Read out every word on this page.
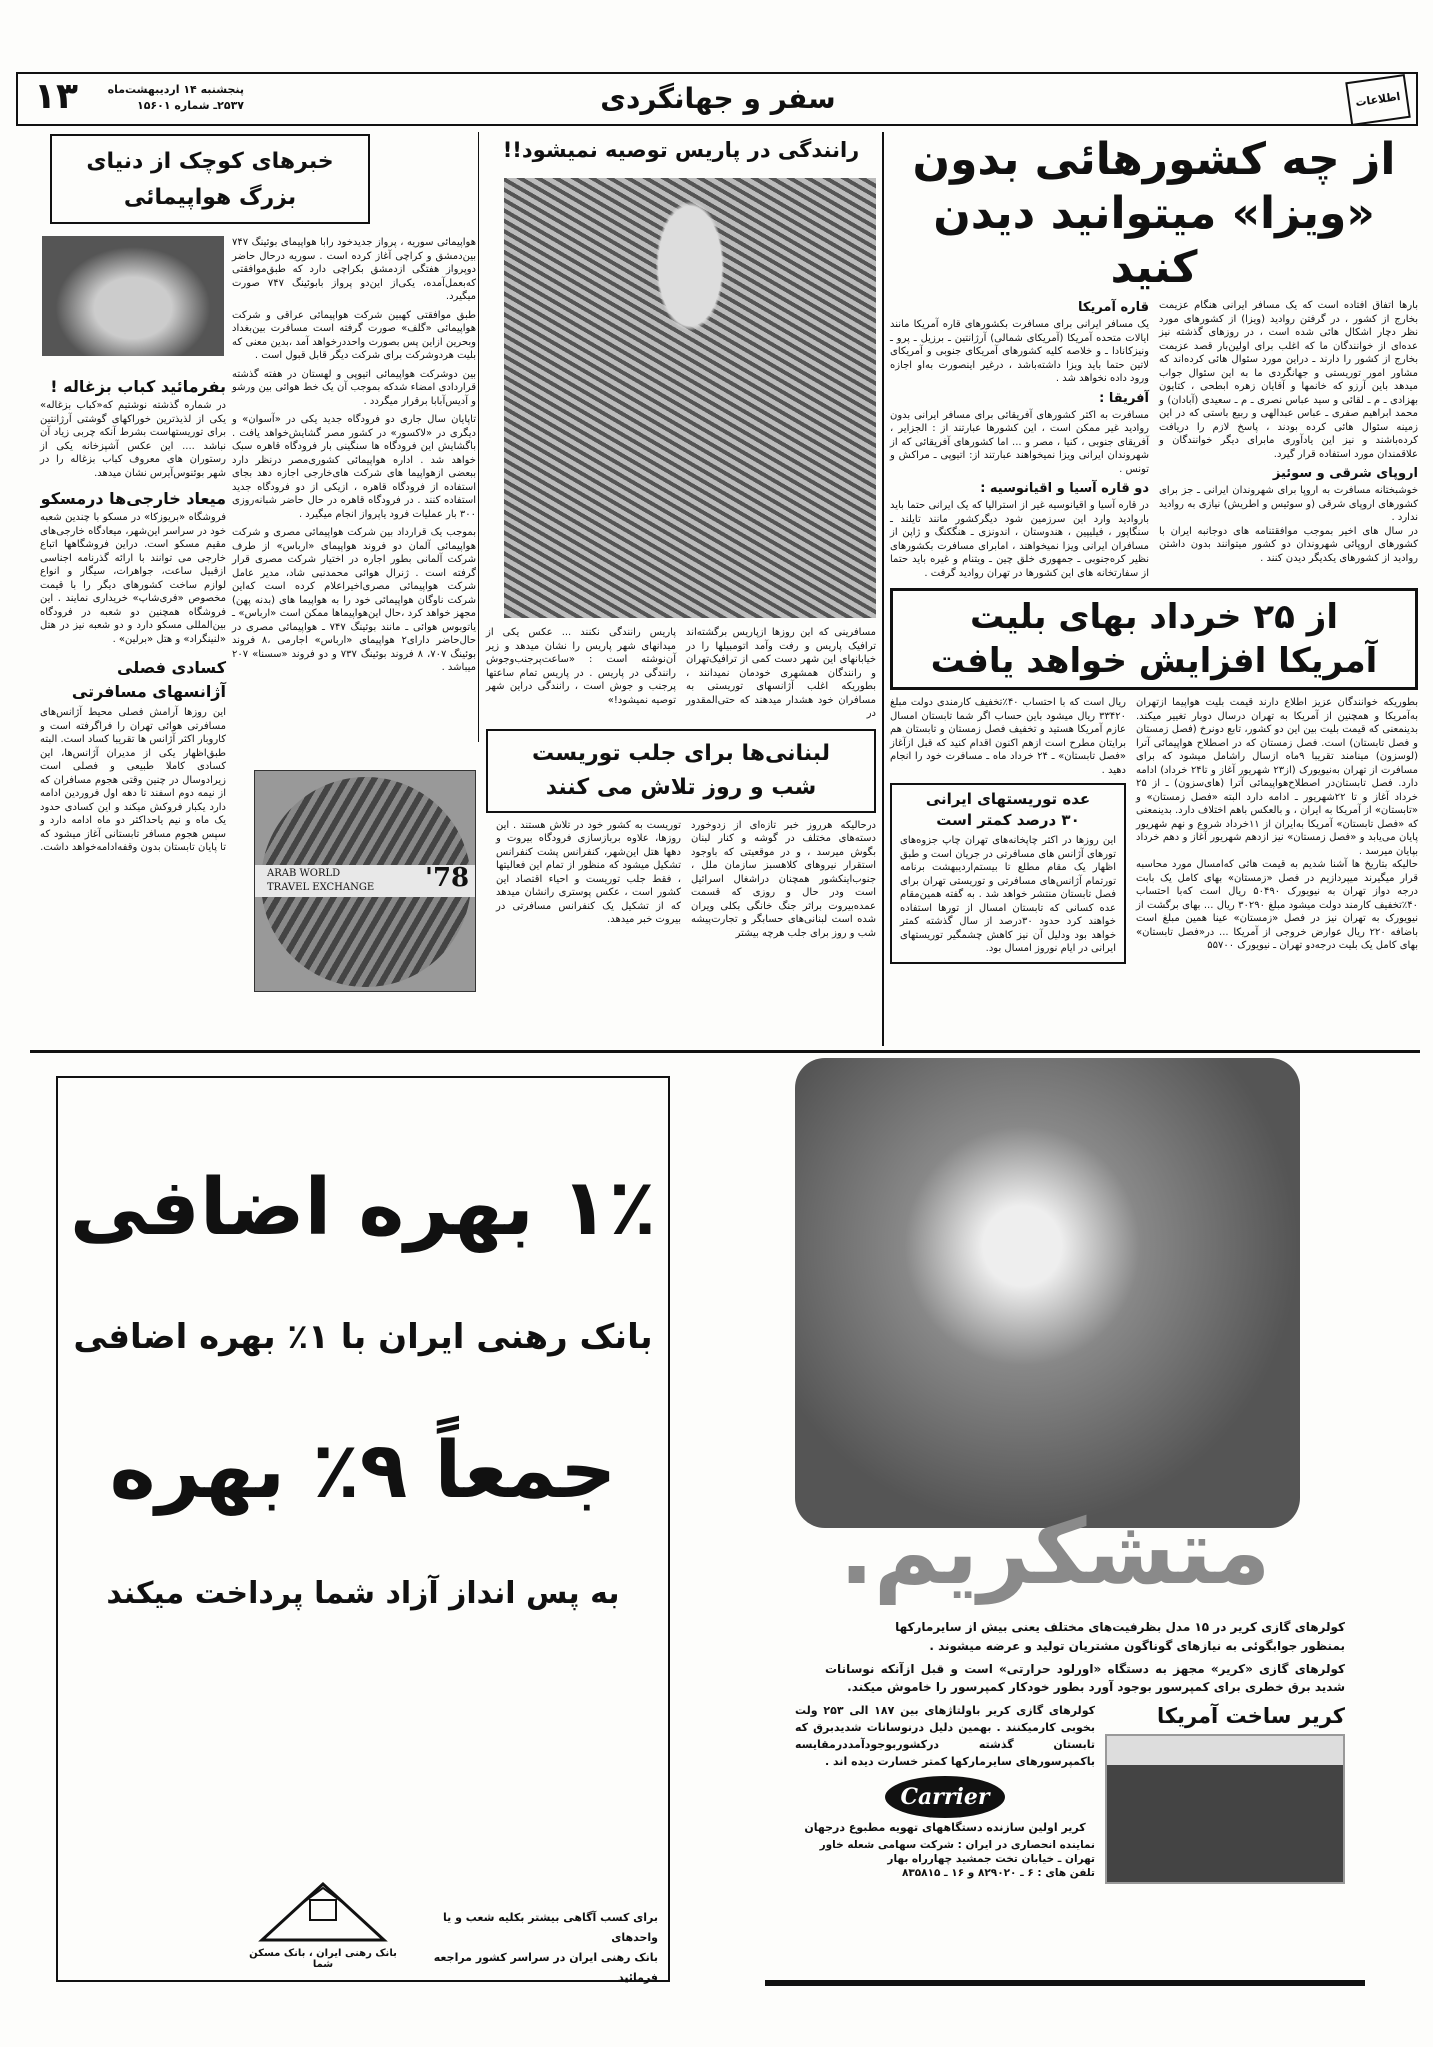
۱۳	پنجشنبه ۱۴ اردیبهشت‌ماه
۲۵۳۷ـ شماره ۱۵۶۰۱	سفر و جهانگردی	اطلاعات
از چه کشورهائی بدون
«ویزا» میتوانید دیدن کنید

بارها اتفاق افتاده است که یک مسافر ایرانی هنگام عزیمت بخارج از کشور ، در گرفتن روادید (ویزا) از کشورهای مورد نظر دچار اشکال هائی شده است ، در روزهای گذشته نیز عده‌ای از خوانندگان ما که اغلب برای اولین‌بار قصد عزیمت بخارج از کشور را دارند ـ دراین مورد سئوال هائی کرده‌اند که مشاور امور توریستی و جهانگردی ما به این سئوال جواب میدهد باین آرزو که خانمها و آقایان زهره ابطحی ، کتایون بهزادی ـ م ـ لقائی و سید عباس نصری ـ م ـ سعیدی (آبادان) و محمد ابراهیم صفری ـ عباس عبدالهی و ربیع باستی که در این زمینه سئوال هائی کرده بودند ، پاسخ لازم را دریافت کرده‌باشند و نیز این یادآوری مابرای دیگر خوانندگان و علاقمندان مورد استفاده قرار گیرد.

اروپای شرقی و سوئیز

خوشبختانه مسافرت به اروپا برای شهروندان ایرانی ـ جز برای کشورهای اروپای شرقی (و سوئیس و اطریش) نیازی به روادید ندارد .

در سال های اخیر بموجب موافقتنامه های دوجانبه ایران با کشورهای اروپائی شهروندان دو کشور میتوانند بدون داشتن روادید از کشورهای یکدیگر دیدن کنند .

قاره آمریکا

یک مسافر ایرانی برای مسافرت بکشورهای قاره آمریکا مانند ایالات متحده آمریکا (آمریکای شمالی) آرژانتین ـ برزیل ـ پرو ـ ونیزکانادا ـ و خلاصه کلیه کشورهای آمریکای جنوبی و آمریکای لاتین حتما باید ویزا داشته‌باشد ، درغیر اینصورت به‌او اجازه ورود داده نخواهد شد .

آفریقا :

مسافرت به اکثر کشورهای آفریقائی برای مسافر ایرانی بدون روادید غیر ممکن است ، این کشورها عبارتند از : الجزایر ، آفریقای جنوبی ، کنیا ، مصر و ... اما کشورهای آفریقائی که از شهروندان ایرانی ویزا نمیخواهند عبارتند از: اتیوپی ـ مراکش و تونس .

دو قاره آسیا و اقیانوسیه :

در قاره آسیا و اقیانوسیه غیر از استرالیا که یک ایرانی حتما باید باروادید وارد این سرزمین شود دیگرکشور مانند تایلند ـ سنگاپور ، فیلیپین ، هندوستان ، اندونزی ـ هنگکنگ و ژاپن از مسافران ایرانی ویزا نمیخواهند ، امابرای مسافرت بکشورهای نظیر کره‌جنوبی ـ جمهوری خلق چین ـ ویتنام و غیره باید حتما از سفارتخانه های این کشورها در تهران روادید گرفت .

از ۲۵ خرداد بهای بلیت
آمریکا افزایش خواهد یافت

بطوریکه خوانندگان عزیز اطلاع دارند قیمت بلیت هواپیما ازتهران به‌آمریکا و همچنین از آمریکا به تهران درسال دوبار تغییر میکند. بدینمعنی که قیمت بلیت بین این دو کشور، تابع دونرخ (فصل زمستان و فصل تابستان) است. فصل زمستان که در اصطلاح هواپیمائی آترا (لوسزون) مینامند تقریبا ۹ماه ازسال راشامل میشود که برای مسافرت از تهران به‌نیویورک (از۲۳ شهریور آغاز و تا۲۴ خرداد) ادامه دارد. فصل تابستان‌در اصطلاح‌هواپیمائی آترا (های‌سزون) ـ از ۲۵ خرداد آغاز و تا ۲۲شهریور ـ ادامه دارد البته «فصل زمستان» و «تابستان» از آمریکا به ایران ، و بالعکس باهم اختلاف دارد. بدینمعنی که «فصل تابستان» آمریکا به‌ایران از ۱۱خرداد شروع و نهم شهریور پایان می‌یابد و «فصل زمستان» نیز ازدهم شهریور آغاز و دهم خرداد بپایان میرسد .
حالیکه بتاریخ ها آشنا شدیم به قیمت هائی که‌امسال مورد محاسبه قرار میگیرند میپردازیم در فصل «زمستان» بهای کامل یک بابت درجه دواز تهران به نیویورک ۵۰۴۹۰ ریال است که‌با احتساب ۴۰٪تخفیف کارمند دولت میشود مبلغ ۳۰۲۹۰ ریال ... بهای برگشت از نیویورک به تهران نیز در فصل «زمستان» عینا همین مبلغ است باضافه ۲۲۰ ریال عوارض خروجی از آمریکا ... در«فصل تابستان» بهای کامل یک بلیت درجه‌دو تهران ـ نیویورک ۵۵۷۰۰

ریال است که با احتساب ۴۰٪تخفیف کارمندی دولت مبلغ ۳۳۴۲۰ ریال میشود باین حساب اگر شما تابستان امسال عازم آمریکا هستید و تخفیف فصل زمستان و تابستان هم برایتان مطرح است ازهم اکنون اقدام کنید که قبل ازآغاز «فصل تابستان» ـ ۲۴ خرداد ماه ـ مسافرت خود را انجام دهید .

عده توریستهای ایرانی
۳۰ درصد کمتر است

این روزها در اکثر چاپخانه‌های تهران چاپ جزوه‌های تورهای آژانس های مسافرتی در جریان است و طبق اظهار یک مقام مطلع تا بیستم‌اردیبهشت برنامه تورتمام آژانس‌های مسافرتی و توریستی تهران برای فصل تابستان منتشر خواهد شد . به گفته همین‌مقام عده کسانی که تابستان امسال از تورها استفاده خواهند کرد حدود ۳۰درصد از سال گذشته کمتر خواهد بود ودلیل آن نیز کاهش چشمگیر توریستهای ایرانی در ایام نوروز امسال بود.

رانندگی در پاریس توصیه نمیشود!!

مسافرینی که این روزها ازپاریس برگشته‌اند ترافیک پاریس و رفت وآمد اتومبیلها را در خیابانهای این شهر دست کمی از ترافیک‌تهران و رانندگان همشهری خودمان نمیدانند ، بطوریکه اغلب آژانسهای توریستی به مسافران خود هشدار میدهند که حتی‌المقدور در

پاریس رانندگی نکنند ... عکس یکی از میدانهای شهر پاریس را نشان میدهد و زیر آن‌نوشته است : «ساعت‌پرجنب‌وجوش رانندگی در پاریس . در پاریس تمام ساعتها پرجنب و جوش است ، رانندگی دراین شهر توصیه نمیشود!»

لبنانی‌ها برای جلب توریست
شب و روز تلاش می کنند

درحالیکه هرروز خبر تازه‌ای از زدوخورد دسته‌های مختلف در گوشه و کنار لبنان بگوش میرسد ، و در موقعیتی که باوجود استقرار نیروهای کلاهسبز سازمان ملل ، جنوب‌اینکشور همچنان دراشغال اسرائیل است ودر حال و روزی که قسمت عمده‌بیروت براثر جنگ خانگی بکلی ویران شده است لبنانی‌های حسابگر و تجارت‌پیشه شب و روز برای جلب هرچه بیشتر

توریست به کشور خود در تلاش هستند . این روزها، علاوه بربازسازی فرودگاه بیروت و دهها هتل این‌شهر، کنفرانس پشت کنفرانس تشکیل میشود که منظور از تمام این فعالیتها ، فقط جلب توریست و احیاء اقتصاد این کشور است ، عکس پوستری رانشان میدهد که از تشکیل یک کنفرانس مسافرتی در بیروت خبر میدهد.

خبرهای کوچک از دنیای
بزرگ هواپیمائی

هواپیمائی سوریه ، پرواز جدیدخود رابا هواپیمای بوئینگ ۷۴۷ بین‌دمشق و کراچی آغاز کرده است . سوریه درحال حاضر دوپرواز هفتگی ازدمشق بکراچی دارد که طبق‌موافقتی که‌بعمل‌آمده، یکی‌از این‌دو پرواز بابوئینگ ۷۴۷ صورت میگیرد.

طبق موافقتی کهبین شرکت هواپیمائی عراقی و شرکت هواپیمائی «گلف» صورت گرفته است مسافرت بین‌بغداد وبحرین ازاین پس بصورت واحددرخواهد آمد ،بدین معنی که بلیت هردوشرکت برای شرکت دیگر قابل قبول است .

بین دوشرکت هواپیمائی اتیوپی و لهستان در هفته گذشته قراردادی امضاء شدکه بموجب آن یک خط هوائی بین ورشو و آدیس‌آبابا برقرار میگردد .

تاپایان سال جاری دو فرودگاه جدید یکی در «آسوان» و دیگری در «لاکسور» در کشور مصر گشایش‌خواهد یافت . باگشایش این فرودگاه ها سنگینی بار فرودگاه قاهره سبک خواهد شد . اداره هواپیمائی کشوری‌مصر درنظر دارد ببعضی ازهواپیما های شرکت های‌خارجی اجازه دهد بجای استفاده از فرودگاه قاهره ، ازیکی از دو فرودگاه جدید استفاده کنند . در فرودگاه قاهره در حال حاضر شبانه‌روزی ۳۰۰ بار عملیات فرود یاپرواز انجام میگیرد .

بموجب یک قرارداد بین شرکت هواپیمائی مصری و شرکت هواپیمائی آلمان دو فروند هواپیمای «ارباس» از طرف شرکت آلمانی بطور اجاره در اختیار شرکت مصری قرار گرفته است . ژنرال هوائی محمدنبی شاد، مدیر عامل شرکت هواپیمائی مصری‌اخیراعلام کرده است که‌این شرکت ناوگان هواپیمائی خود را به هواپیما های (بدنه پهن) مجهز خواهد کرد ،حال این‌هواپیماها ممکن است «ارباس» ـ یاتوبوس هوائی ـ مانند بوئینگ ۷۴۷ ـ هواپیمائی مصری در حال‌حاضر دارای۲ هواپیمای «ارباس» اجارمی ،۸ فروند بوئینگ ۷۰۷، ۸ فروند بوئینگ ۷۳۷ و دو فروند «سسنا» ۲۰۷ میباشد .

ARAB WORLD
TRAVEL EXCHANGE	'78
بفرمائید کباب بزغاله !

در شماره گذشته نوشتیم که«کباب بزغاله» یکی از لذیذترین خوراکهای گوشتی آرژانتین برای توریستهاست بشرط آنکه چربی زیاد آن نباشد .... این عکس آشپزخانه یکی از رستوران های معروف کباب بزغاله را در شهر بوئنوس‌آیرس نشان میدهد.

میعاد خارجی‌ها درمسکو

فروشگاه «بریوزکا» در مسکو با چندین شعبه خود در سراسر این‌شهر، میعادگاه خارجی‌های مقیم مسکو است. دراین فروشگاهها اتباع خارجی می توانند با ارائه گذرنامه اجناسی ازقبیل ساعت، جواهرات، سیگار و انواع لوازم ساخت کشورهای دیگر را با قیمت مخصوص «فری‌شاپ» خریداری نمایند . این فروشگاه همچنین دو شعبه در فرودگاه بین‌المللی مسکو دارد و دو شعبه نیز در هتل «لنینگراد» و هتل «برلین» .

کسادی فصلی آژانسهای مسافرتی

این روزها آرامش فصلی محیط آژانس‌های مسافرتی هوائی تهران را فراگرفته است و کاروبار اکثر آژانس ها تقریبا کساد است. البته طبق‌اظهار یکی از مدیران آژانس‌ها، این کسادی کاملا طبیعی و فصلی است زیرادوسال در چنین وقتی هجوم مسافران که از نیمه دوم اسفند تا دهه اول فروردین ادامه دارد یکبار فروکش میکند و این کسادی حدود یک ماه و نیم یاحداکثر دو ماه ادامه دارد و سپس هجوم مسافر تابستانی آغاز میشود که تا پایان تابستان بدون وقفه‌ادامه‌خواهد داشت.

۱٪ بهره اضافی
بانک رهنی ایران با ۱٪ بهره اضافی
جمعاً ۹٪ بهره
به پس انداز آزاد شما پرداخت میکند
بانک رهنی ایران ، بانک مسکن شما
برای کسب آگاهی بیشتر بکلیه شعب و یا واحدهای
بانک رهنی ایران در سراسر کشور مراجعه فرمائید
متشکریم.
کولرهای گازی کریر در ۱۵ مدل بظرفیت‌های مختلف یعنی بیش از سایرمارکها
بمنظور جوابگوئی به نیازهای گوناگون مشتریان تولید و عرضه میشوند .

کولرهای گازی «کریر» مجهز به دستگاه «اورلود حرارتی» است و قبل ازآنکه نوسانات شدید برق خطری برای کمپرسور بوجود آورد بطور خودکار کمپرسور را خاموش میکند.

کریر ساخت آمریکا

کولرهای گازی کریر باولتاژهای بین ۱۸۷ الی ۲۵۳ ولت بخوبی کارمیکنند . بهمین دلیل درنوسانات شدیدبرق که تابستان گذشته درکشوربوجودآمددرمقایسه باکمپرسورهای سایرمارکها کمتر خسارت دیده اند .

Carrier
کریر اولین سازنده دستگاههای تهویه مطبوع درجهان
نماینده انحصاری در ایران : شرکت سهامی شعله خاور
تهران ـ خیابان تخت جمشید چهارراه بهار
تلفن های : ۶ ـ ۸۲۹۰۲۰ و ۱۶ ـ ۸۳۵۸۱۵
